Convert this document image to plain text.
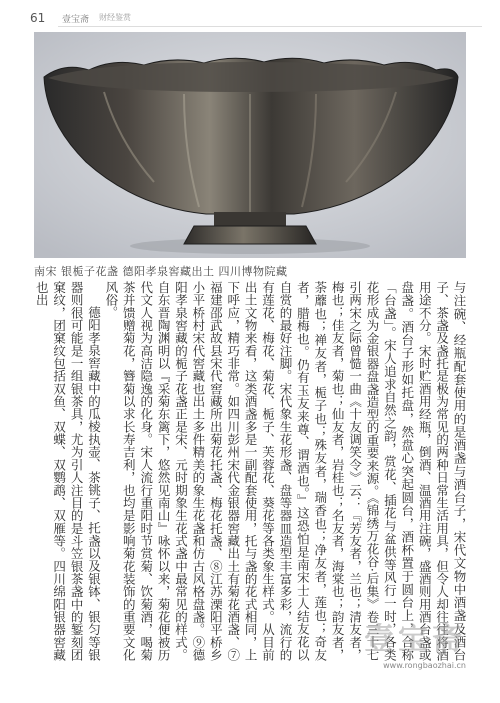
61 壹宝斋 财经鉴赏
南宋 银栀子花盏 德阳孝泉窖藏出土 四川博物院藏

与注碗、经瓶配套使用的是酒盏与酒台子，宋代文物中酒盏及酒台子、茶盏及盏托是极为常见的两种日常生活用具，但令人却往往将酒用途不分。宋时贮酒用经瓶，倒酒、温酒用注碗，盛酒则用酒台盏或盘盏。酒台子形如托盘，然盘心突起圆台，酒杯置于圆台上，合称「台盏」。宋人追求自然之韵，赏花、插花与盆供等风行一时，各类花形成为金银器盘盏造型的重要来源。《锦绣万花谷·后集》卷三十七引两宋之际曾慥一曲《十友调笑令》云：『芳友者，兰也；清友者，梅也；佳友者，菊也；仙友者，岩桂也；名友者，海棠也；韵友者，荼蘼也；禅友者，栀子也；殊友者，瑞香也；净友者，莲也；奇友者，腊梅也。仍有玉友来尊、谓酒也。』这恐怕是南宋士人结友花以自赏的最好注脚。宋代象生花形盏、盘等器皿造型丰富多彩，流行的有莲花、梅花、菊花、栀子、芙蓉花、葵花等各类象生样式。从目前出土文物来看，这类酒盏多是一副配套使用，托与盏的花式相同，上下呼应，精巧非常。如四川彭州宋代金银器窖藏出土有菊花酒盏、⑦福建邵武故县宋代窖藏所出菊花托盏、梅花托盏、⑧江苏溧阳平桥乡小平桥村宋代窖藏也出土多件精美的象生花盏和仿古风格盘盏。⑨德阳孝泉窖藏的栀子花盏正是宋、元时期象生花式盏中最常见的样式。自东晋陶渊明以『采菊东篱下，悠然见南山』咏怀以来，菊花便被历代文人视为高洁隐逸的化身。宋人流行重阳时节赏菊、饮菊酒，喝菊茶并馈赠菊花，簪菊以求长寿吉利，也均是影响菊花装饰的重要文化风俗。

德阳孝泉窖藏中的瓜棱执壶、茶铫子、托盏以及银钵、银匀等银器则很可能是一组银茶具，尤为引人注目的是斗笠银茶盏中的錾刻团窠纹，团窠纹包括双鱼、双蝶、双鹦鹉、双雁等。四川绵阳银器窖藏也出

壹宝斋
www.rongbaozhai.cn
